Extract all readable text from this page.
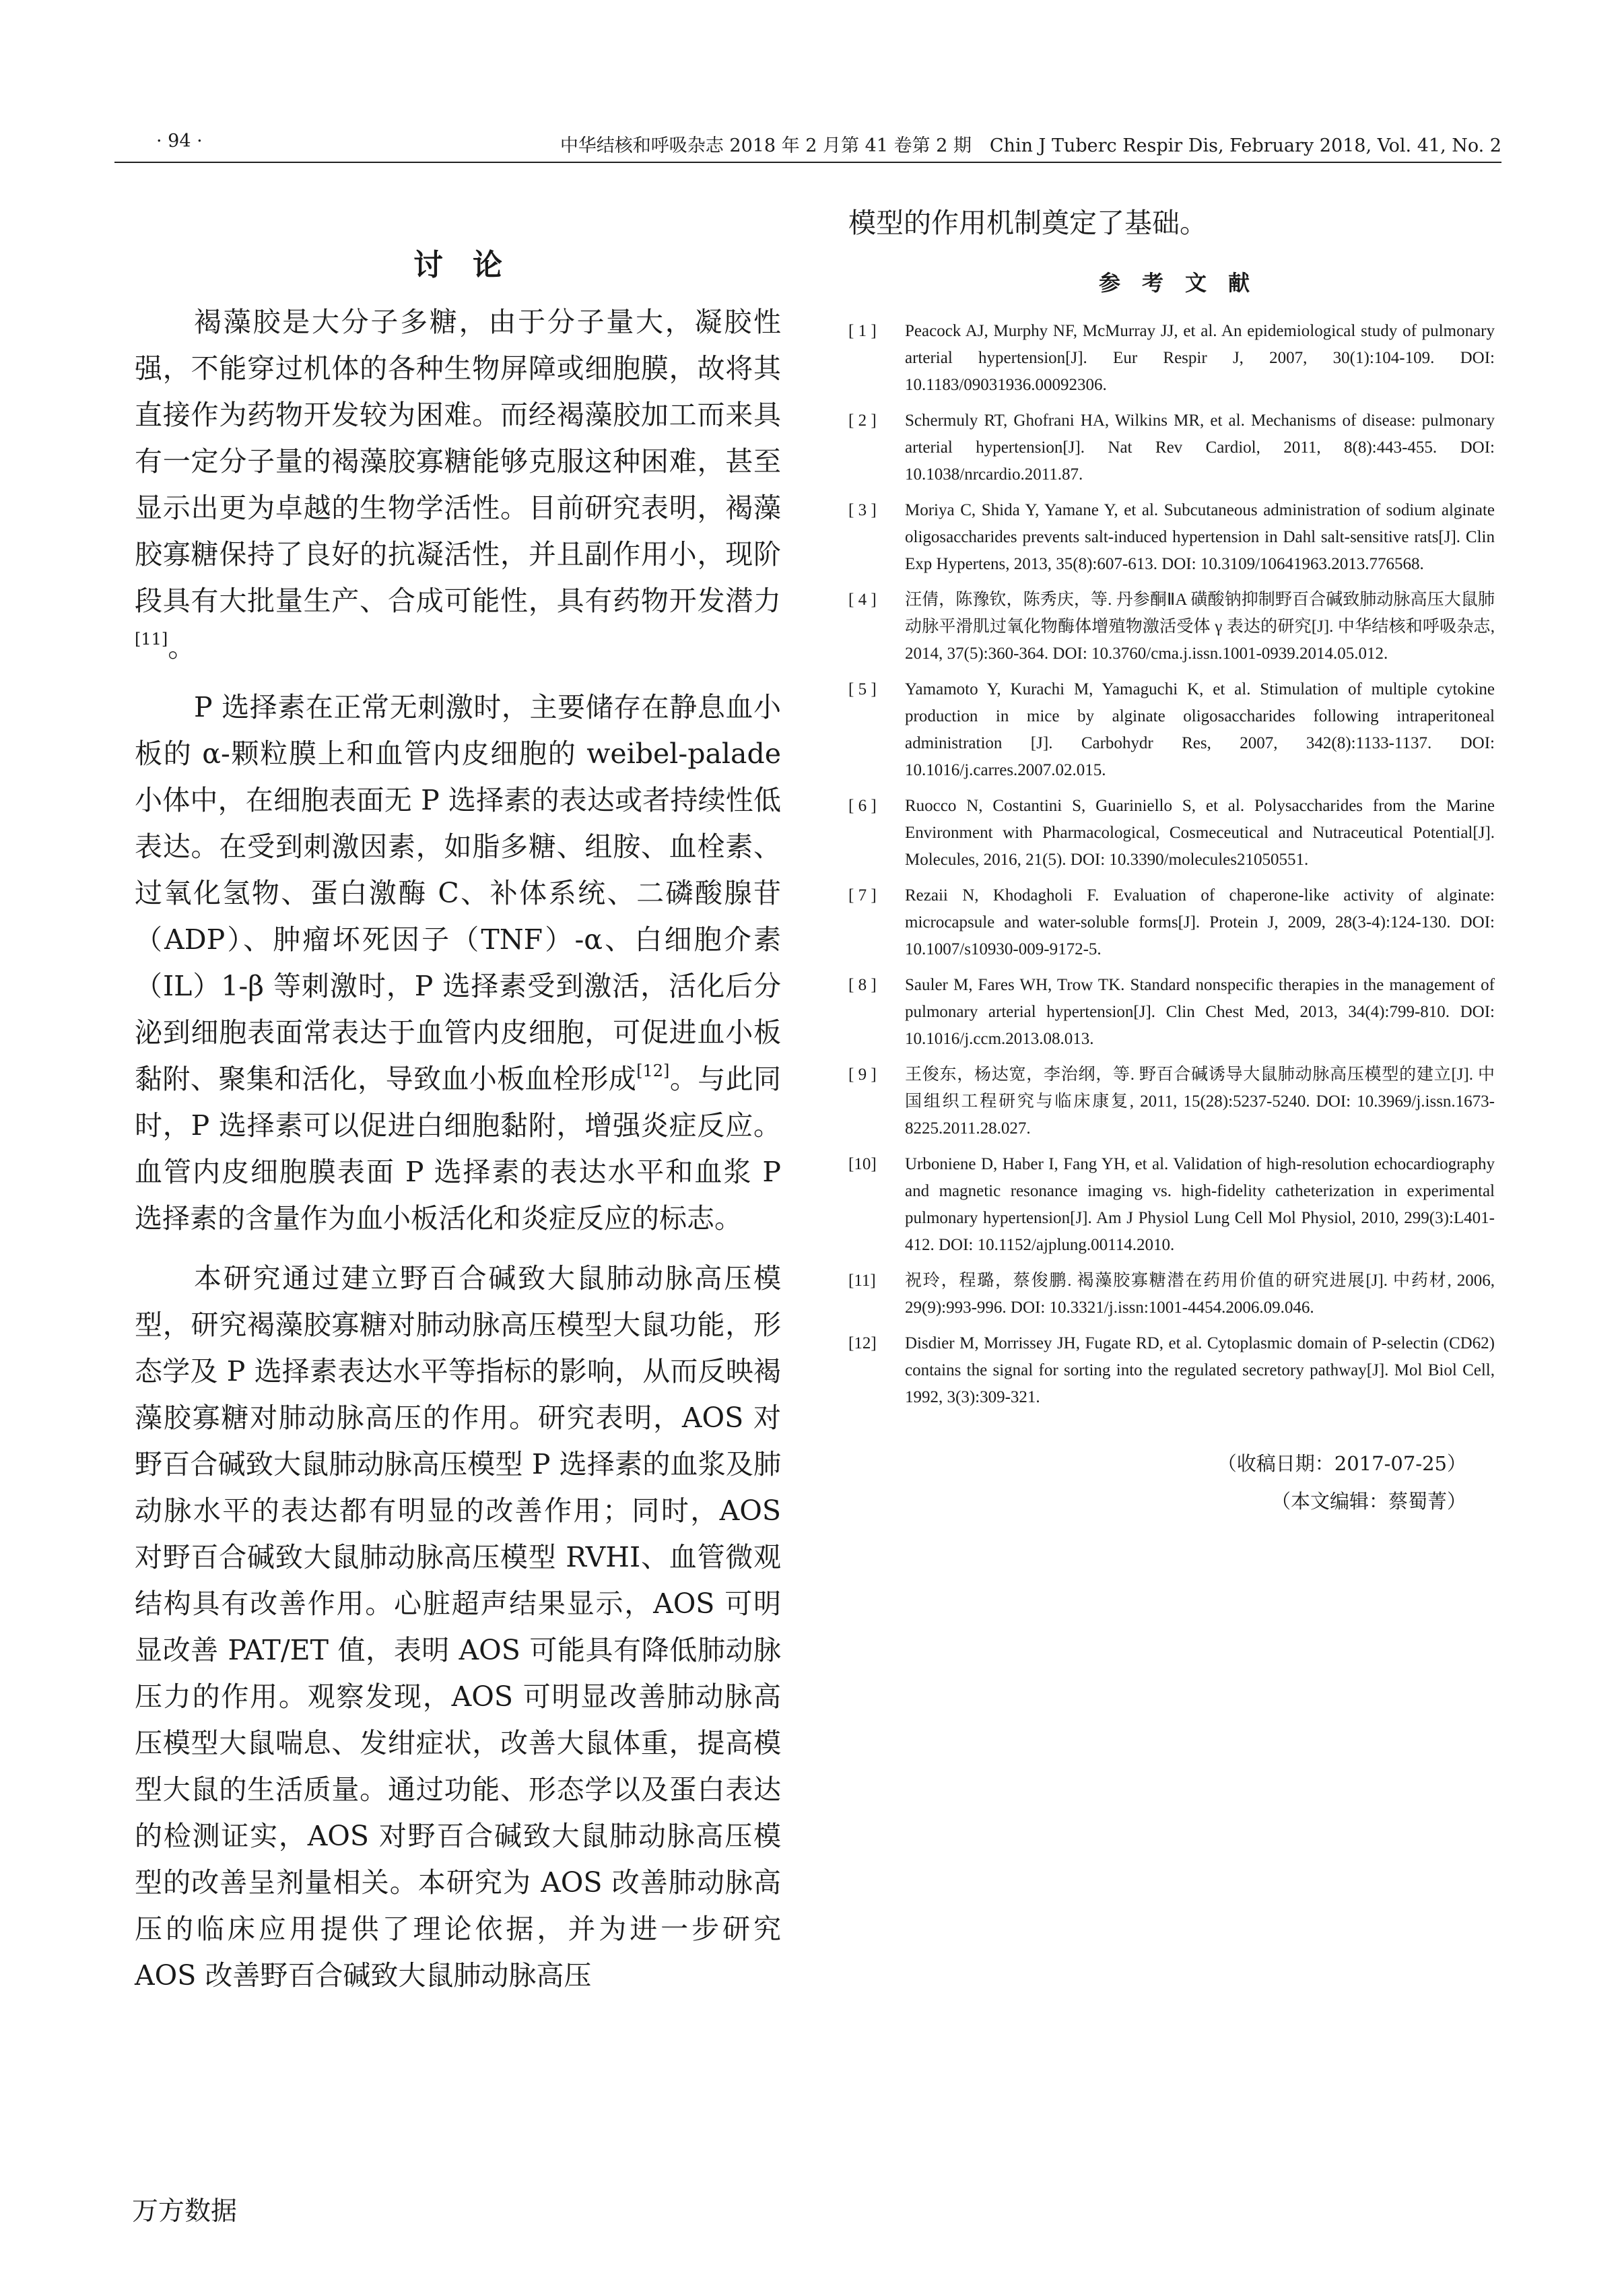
· 94 ·	中华结核和呼吸杂志 2018 年 2 月第 41 卷第 2 期　Chin J Tuberc Respir Dis, February 2018, Vol. 41, No. 2
讨论

褐藻胶是大分子多糖，由于分子量大，凝胶性强，不能穿过机体的各种生物屏障或细胞膜，故将其直接作为药物开发较为困难。而经褐藻胶加工而来具有一定分子量的褐藻胶寡糖能够克服这种困难，甚至显示出更为卓越的生物学活性。目前研究表明，褐藻胶寡糖保持了良好的抗凝活性，并且副作用小，现阶段具有大批量生产、合成可能性，具有药物开发潜力[11]。

P 选择素在正常无刺激时，主要储存在静息血小板的 α-颗粒膜上和血管内皮细胞的 weibel-palade 小体中，在细胞表面无 P 选择素的表达或者持续性低表达。在受到刺激因素，如脂多糖、组胺、血栓素、过氧化氢物、蛋白激酶 C、补体系统、二磷酸腺苷（ADP）、肿瘤坏死因子（TNF）-α、白细胞介素（IL）1-β 等刺激时，P 选择素受到激活，活化后分泌到细胞表面常表达于血管内皮细胞，可促进血小板黏附、聚集和活化，导致血小板血栓形成[12]。与此同时，P 选择素可以促进白细胞黏附，增强炎症反应。血管内皮细胞膜表面 P 选择素的表达水平和血浆 P 选择素的含量作为血小板活化和炎症反应的标志。

本研究通过建立野百合碱致大鼠肺动脉高压模型，研究褐藻胶寡糖对肺动脉高压模型大鼠功能，形态学及 P 选择素表达水平等指标的影响，从而反映褐藻胶寡糖对肺动脉高压的作用。研究表明，AOS 对野百合碱致大鼠肺动脉高压模型 P 选择素的血浆及肺动脉水平的表达都有明显的改善作用；同时，AOS 对野百合碱致大鼠肺动脉高压模型 RVHI、血管微观结构具有改善作用。心脏超声结果显示，AOS 可明显改善 PAT/ET 值，表明 AOS 可能具有降低肺动脉压力的作用。观察发现，AOS 可明显改善肺动脉高压模型大鼠喘息、发绀症状，改善大鼠体重，提高模型大鼠的生活质量。通过功能、形态学以及蛋白表达的检测证实，AOS 对野百合碱致大鼠肺动脉高压模型的改善呈剂量相关。本研究为 AOS 改善肺动脉高压的临床应用提供了理论依据，并为进一步研究 AOS 改善野百合碱致大鼠肺动脉高压

模型的作用机制奠定了基础。
参考文献
[ 1 ] Peacock AJ, Murphy NF, McMurray JJ, et al. An epidemiological study of pulmonary arterial hypertension[J]. Eur Respir J, 2007, 30(1):104-109. DOI: 10.1183/09031936.00092306.
[ 2 ] Schermuly RT, Ghofrani HA, Wilkins MR, et al. Mechanisms of disease: pulmonary arterial hypertension[J]. Nat Rev Cardiol, 2011, 8(8):443-455. DOI: 10.1038/nrcardio.2011.87.
[ 3 ] Moriya C, Shida Y, Yamane Y, et al. Subcutaneous administration of sodium alginate oligosaccharides prevents salt-induced hypertension in Dahl salt-sensitive rats[J]. Clin Exp Hypertens, 2013, 35(8):607-613. DOI: 10.3109/10641963.2013.776568.
[ 4 ] 汪倩，陈豫钦，陈秀庆，等. 丹参酮ⅡA 磺酸钠抑制野百合碱致肺动脉高压大鼠肺动脉平滑肌过氧化物酶体增殖物激活受体 γ 表达的研究[J]. 中华结核和呼吸杂志, 2014, 37(5):360-364. DOI: 10.3760/cma.j.issn.1001-0939.2014.05.012.
[ 5 ] Yamamoto Y, Kurachi M, Yamaguchi K, et al. Stimulation of multiple cytokine production in mice by alginate oligosaccharides following intraperitoneal administration [J]. Carbohydr Res, 2007, 342(8):1133-1137. DOI: 10.1016/j.carres.2007.02.015.
[ 6 ] Ruocco N, Costantini S, Guariniello S, et al. Polysaccharides from the Marine Environment with Pharmacological, Cosmeceutical and Nutraceutical Potential[J]. Molecules, 2016, 21(5). DOI: 10.3390/molecules21050551.
[ 7 ] Rezaii N, Khodagholi F. Evaluation of chaperone-like activity of alginate: microcapsule and water-soluble forms[J]. Protein J, 2009, 28(3-4):124-130. DOI: 10.1007/s10930-009-9172-5.
[ 8 ] Sauler M, Fares WH, Trow TK. Standard nonspecific therapies in the management of pulmonary arterial hypertension[J]. Clin Chest Med, 2013, 34(4):799-810. DOI: 10.1016/j.ccm.2013.08.013.
[ 9 ] 王俊东，杨达宽，李治纲，等. 野百合碱诱导大鼠肺动脉高压模型的建立[J]. 中国组织工程研究与临床康复, 2011, 15(28):5237-5240. DOI: 10.3969/j.issn.1673-8225.2011.28.027.
[10] Urboniene D, Haber I, Fang YH, et al. Validation of high-resolution echocardiography and magnetic resonance imaging vs. high-fidelity catheterization in experimental pulmonary hypertension[J]. Am J Physiol Lung Cell Mol Physiol, 2010, 299(3):L401-412. DOI: 10.1152/ajplung.00114.2010.
[11] 祝玲，程璐，蔡俊鹏. 褐藻胶寡糖潜在药用价值的研究进展[J]. 中药材, 2006, 29(9):993-996. DOI: 10.3321/j.issn:1001-4454.2006.09.046.
[12] Disdier M, Morrissey JH, Fugate RD, et al. Cytoplasmic domain of P-selectin (CD62) contains the signal for sorting into the regulated secretory pathway[J]. Mol Biol Cell, 1992, 3(3):309-321.
（收稿日期：2017-07-25）
（本文编辑：蔡蜀菁）
万方数据
